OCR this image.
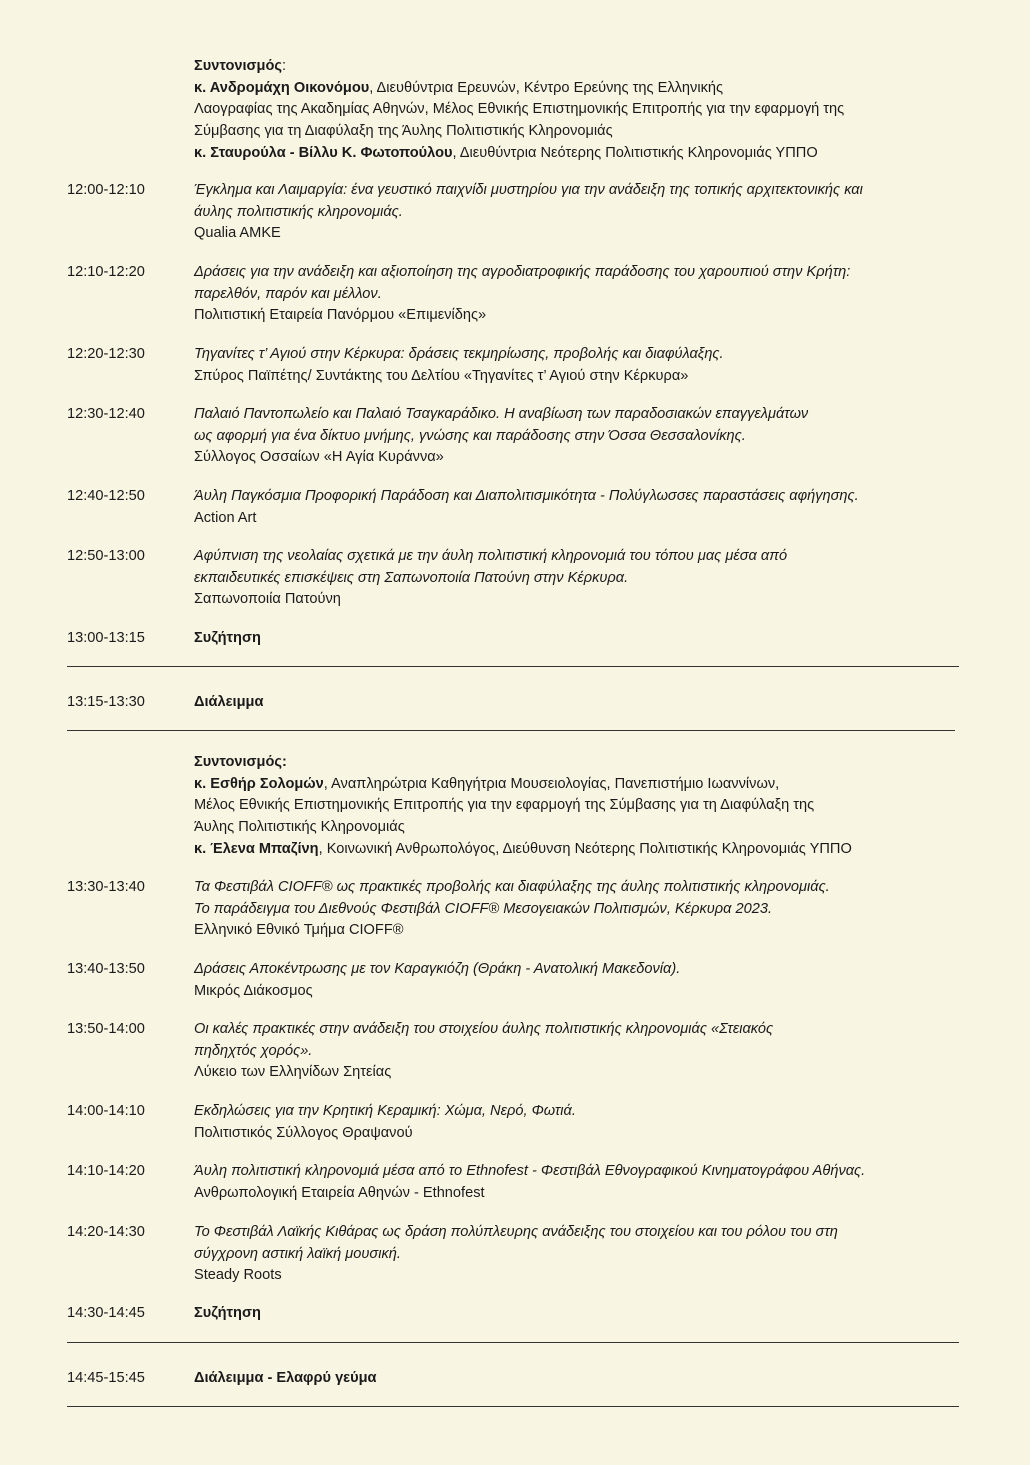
Συντονισμός:
κ. Ανδρομάχη Οικονόμου, Διευθύντρια Ερευνών, Κέντρο Ερεύνης της Ελληνικής
Λαογραφίας της Ακαδημίας Αθηνών, Μέλος Εθνικής Επιστημονικής Επιτροπής για την εφαρμογή της
Σύμβασης για τη Διαφύλαξη της Άυλης Πολιτιστικής Κληρονομιάς
κ. Σταυρούλα - Βίλλυ Κ. Φωτοπούλου, Διευθύντρια Νεότερης Πολιτιστικής Κληρονομιάς ΥΠΠΟ
12:00-12:10	Έγκλημα και Λαιμαργία: ένα γευστικό παιχνίδι μυστηρίου για την ανάδειξη της τοπικής αρχιτεκτονικής και
άυλης πολιτιστικής κληρονομιάς.
Qualia AMKE
12:10-12:20	Δράσεις για την ανάδειξη και αξιοποίηση της αγροδιατροφικής παράδοσης του χαρουπιού στην Κρήτη:
παρελθόν, παρόν και μέλλον.
Πολιτιστική Εταιρεία Πανόρμου «Επιμενίδης»
12:20-12:30	Τηγανίτες τ’ Αγιού στην Κέρκυρα: δράσεις τεκμηρίωσης, προβολής και διαφύλαξης.
Σπύρος Παϊπέτης/ Συντάκτης του Δελτίου «Τηγανίτες τ’ Αγιού στην Κέρκυρα»
12:30-12:40	Παλαιό Παντοπωλείο και Παλαιό Τσαγκαράδικο. Η αναβίωση των παραδοσιακών επαγγελμάτων
ως αφορμή για ένα δίκτυο μνήμης, γνώσης και παράδοσης στην Όσσα Θεσσαλονίκης.
Σύλλογος Οσσαίων «Η Αγία Κυράννα»
12:40-12:50	Άυλη Παγκόσμια Προφορική Παράδοση και Διαπολιτισμικότητα - Πολύγλωσσες παραστάσεις αφήγησης.
Action Art
12:50-13:00	Αφύπνιση της νεολαίας σχετικά με την άυλη πολιτιστική κληρονομιά του τόπου μας μέσα από
εκπαιδευτικές επισκέψεις στη Σαπωνοποιία Πατούνη στην Κέρκυρα.
Σαπωνοποιία Πατούνη
13:00-13:15	Συζήτηση
13:15-13:30	Διάλειμμα
Συντονισμός:
κ. Εσθήρ Σολομών, Αναπληρώτρια Καθηγήτρια Μουσειολογίας, Πανεπιστήμιο Ιωαννίνων,
Μέλος Εθνικής Επιστημονικής Επιτροπής για την εφαρμογή της Σύμβασης για τη Διαφύλαξη της
Άυλης Πολιτιστικής Κληρονομιάς
κ. Έλενα Μπαζίνη, Κοινωνική Ανθρωπολόγος, Διεύθυνση Νεότερης Πολιτιστικής Κληρονομιάς ΥΠΠΟ
13:30-13:40	Τα Φεστιβάλ CIOFF® ως πρακτικές προβολής και διαφύλαξης της άυλης πολιτιστικής κληρονομιάς.
Το παράδειγμα του Διεθνούς Φεστιβάλ CIOFF® Μεσογειακών Πολιτισμών, Κέρκυρα 2023.
Ελληνικό Εθνικό Τμήμα CIOFF®
13:40-13:50	Δράσεις Αποκέντρωσης με τον Καραγκιόζη (Θράκη - Ανατολική Μακεδονία).
Μικρός Διάκοσμος
13:50-14:00	Οι καλές πρακτικές στην ανάδειξη του στοιχείου άυλης πολιτιστικής κληρονομιάς «Στειακός
πηδηχτός χορός».
Λύκειο των Ελληνίδων Σητείας
14:00-14:10	Εκδηλώσεις για την Κρητική Κεραμική: Χώμα, Νερό, Φωτιά.
Πολιτιστικός Σύλλογος Θραψανού
14:10-14:20	Άυλη πολιτιστική κληρονομιά μέσα από το Ethnofest - Φεστιβάλ Εθνογραφικού Κινηματογράφου Αθήνας.
Ανθρωπολογική Εταιρεία Αθηνών - Ethnofest
14:20-14:30	Το Φεστιβάλ Λαϊκής Κιθάρας ως δράση πολύπλευρης ανάδειξης του στοιχείου και του ρόλου του στη
σύγχρονη αστική λαϊκή μουσική.
Steady Roots
14:30-14:45	Συζήτηση
14:45-15:45	Διάλειμμα - Ελαφρύ γεύμα
